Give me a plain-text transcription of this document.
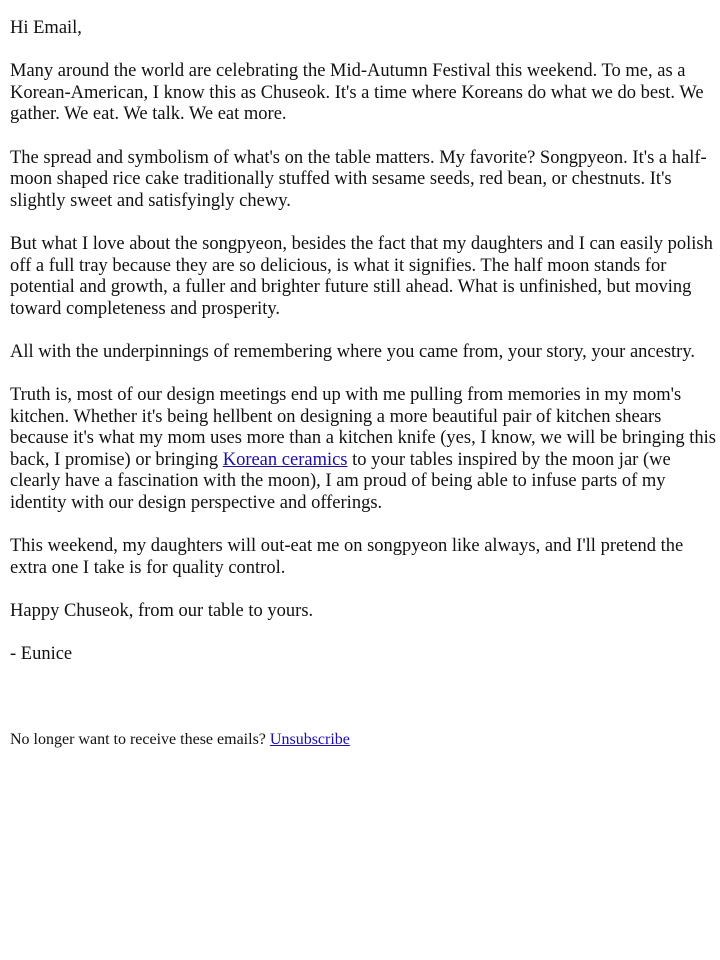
Hi Email,

Many around the world are celebrating the Mid-Autumn Festival this weekend. To me, as a Korean-American, I know this as Chuseok. It's a time where Koreans do what we do best. We gather. We eat. We talk. We eat more.

The spread and symbolism of what's on the table matters. My favorite? Songpyeon. It's a half-moon shaped rice cake traditionally stuffed with sesame seeds, red bean, or chestnuts. It's slightly sweet and satisfyingly chewy.

But what I love about the songpyeon, besides the fact that my daughters and I can easily polish off a full tray because they are so delicious, is what it signifies. The half moon stands for potential and growth, a fuller and brighter future still ahead. What is unfinished, but moving toward completeness and prosperity.

All with the underpinnings of remembering where you came from, your story, your ancestry.

Truth is, most of our design meetings end up with me pulling from memories in my mom's kitchen. Whether it's being hellbent on designing a more beautiful pair of kitchen shears because it's what my mom uses more than a kitchen knife (yes, I know, we will be bringing this back, I promise) or bringing Korean ceramics to your tables inspired by the moon jar (we clearly have a fascination with the moon), I am proud of being able to infuse parts of my identity with our design perspective and offerings.

This weekend, my daughters will out-eat me on songpyeon like always, and I'll pretend the extra one I take is for quality control.

Happy Chuseok, from our table to yours.

- Eunice

No longer want to receive these emails? Unsubscribe
